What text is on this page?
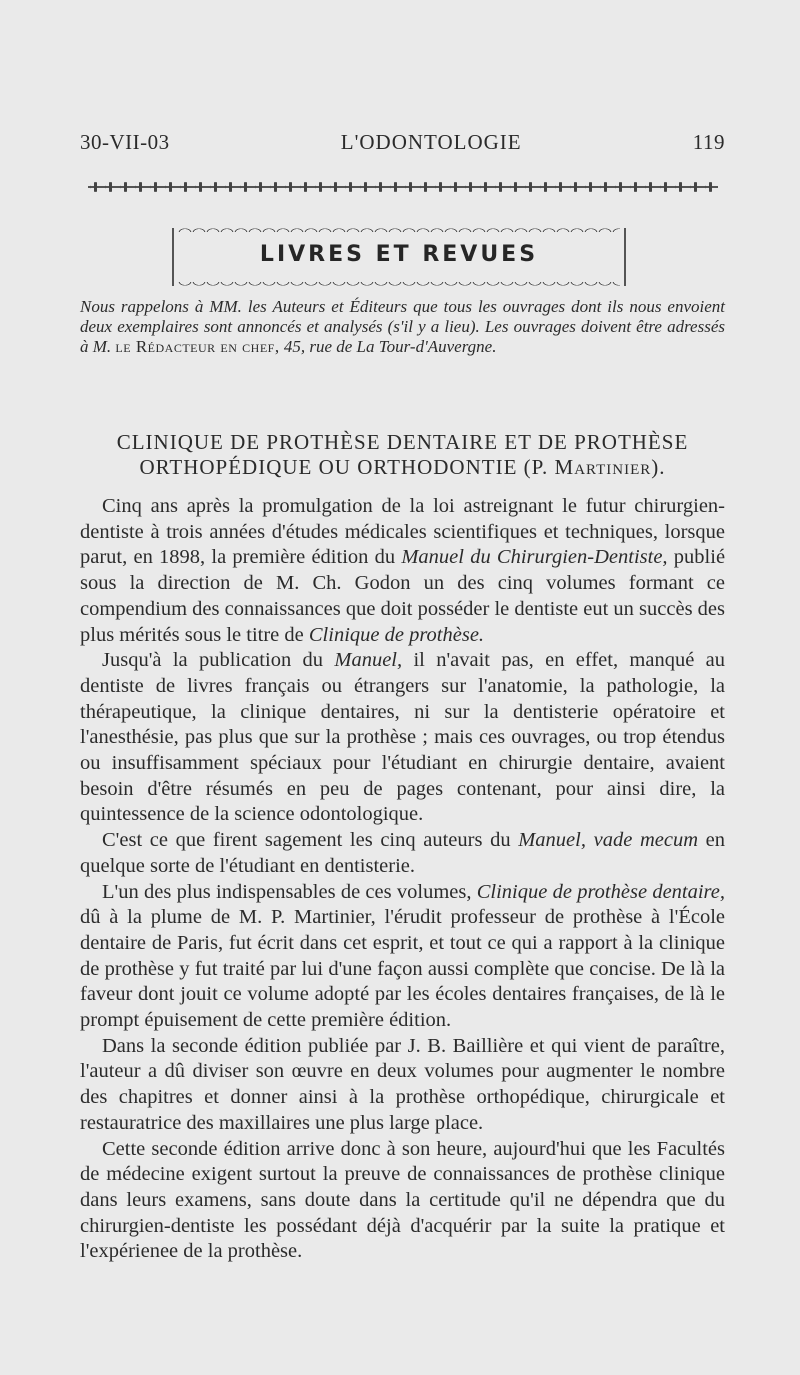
30-VII-03	L'ODONTOLOGIE	119
LIVRES ET REVUES
Nous rappelons à MM. les Auteurs et Éditeurs que tous les ouvrages dont ils nous envoient deux exemplaires sont annoncés et analysés (s'il y a lieu). Les ouvrages doivent être adressés à M. le Rédacteur en chef, 45, rue de La Tour-d'Auvergne.
CLINIQUE DE PROTHÈSE DENTAIRE ET DE PROTHÈSE
ORTHOPÉDIQUE OU ORTHODONTIE (P. Martinier).

Cinq ans après la promulgation de la loi astreignant le futur chirurgien-dentiste à trois années d'études médicales scientifiques et techniques, lorsque parut, en 1898, la première édition du Manuel du Chirurgien-Dentiste, publié sous la direction de M. Ch. Godon un des cinq volumes formant ce compendium des connaissances que doit posséder le dentiste eut un succès des plus mérités sous le titre de Clinique de prothèse.

Jusqu'à la publication du Manuel, il n'avait pas, en effet, manqué au dentiste de livres français ou étrangers sur l'anatomie, la pathologie, la thérapeutique, la clinique dentaires, ni sur la dentisterie opératoire et l'anesthésie, pas plus que sur la prothèse ; mais ces ouvrages, ou trop étendus ou insuffisamment spéciaux pour l'étudiant en chirurgie dentaire, avaient besoin d'être résumés en peu de pages contenant, pour ainsi dire, la quintessence de la science odontologique.

C'est ce que firent sagement les cinq auteurs du Manuel, vade mecum en quelque sorte de l'étudiant en dentisterie.

L'un des plus indispensables de ces volumes, Clinique de prothèse dentaire, dû à la plume de M. P. Martinier, l'érudit professeur de prothèse à l'École dentaire de Paris, fut écrit dans cet esprit, et tout ce qui a rapport à la clinique de prothèse y fut traité par lui d'une façon aussi complète que concise. De là la faveur dont jouit ce volume adopté par les écoles dentaires françaises, de là le prompt épuisement de cette première édition.

Dans la seconde édition publiée par J. B. Baillière et qui vient de paraître, l'auteur a dû diviser son œuvre en deux volumes pour augmenter le nombre des chapitres et donner ainsi à la prothèse orthopédique, chirurgicale et restauratrice des maxillaires une plus large place.

Cette seconde édition arrive donc à son heure, aujourd'hui que les Facultés de médecine exigent surtout la preuve de connaissances de prothèse clinique dans leurs examens, sans doute dans la certitude qu'il ne dépendra que du chirurgien-dentiste les possédant déjà d'acquérir par la suite la pratique et l'expérienee de la prothèse.
